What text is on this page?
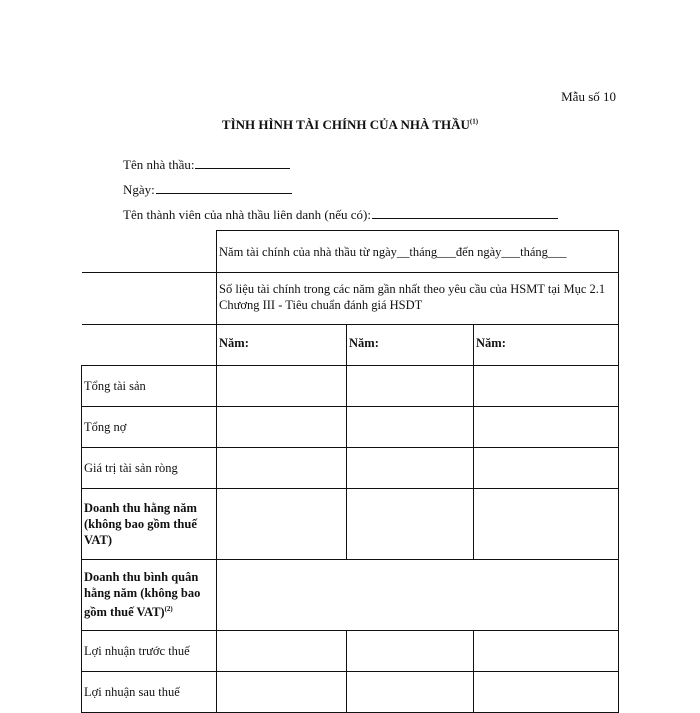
Mẫu số 10
TÌNH HÌNH TÀI CHÍNH CỦA NHÀ THẦU$^{(1)}$
Tên nhà thầu:
Ngày:
Tên thành viên của nhà thầu liên danh (nếu có):
	Năm tài chính của nhà thầu từ ngày__tháng___đến ngày___tháng___		
	Số liệu tài chính trong các năm gần nhất theo yêu cầu của HSMT tại Mục 2.1 Chương III - Tiêu chuẩn đánh giá HSDT		
	Năm:	Năm:	Năm:
Tổng tài sản			
Tổng nợ			
Giá trị tài sản ròng			
Doanh thu hằng năm (không bao gồm thuế VAT)			
Doanh thu bình quân hằng năm (không bao gồm thuế VAT)$^{(2)}$	
Lợi nhuận trước thuế			
Lợi nhuận sau thuế			
